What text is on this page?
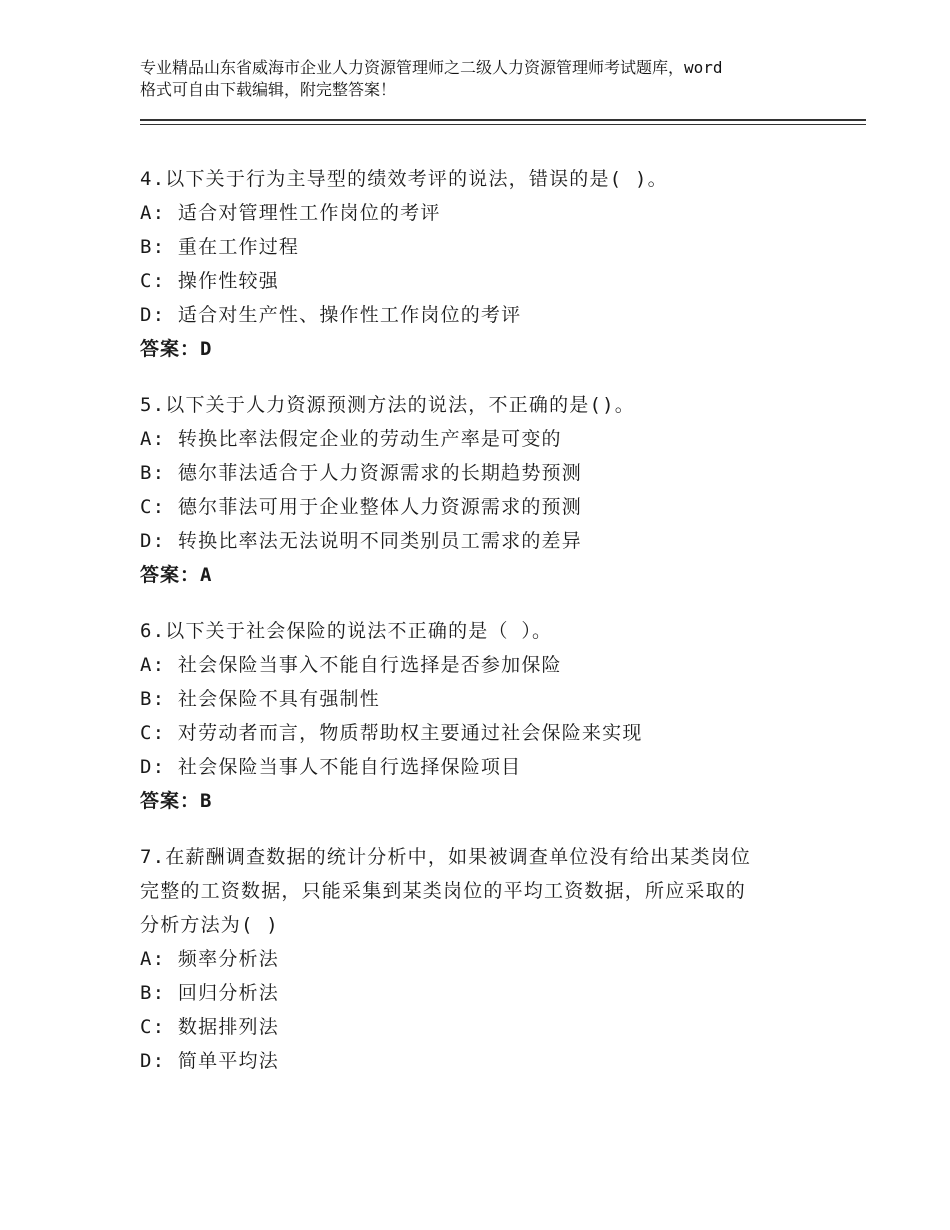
专业精品山东省威海市企业人力资源管理师之二级人力资源管理师考试题库，word
格式可自由下载编辑，附完整答案！
4.以下关于行为主导型的绩效考评的说法，错误的是( )。
A: 适合对管理性工作岗位的考评
B: 重在工作过程
C: 操作性较强
D: 适合对生产性、操作性工作岗位的考评
答案：D
5.以下关于人力资源预测方法的说法，不正确的是()。
A: 转换比率法假定企业的劳动生产率是可变的
B: 德尔菲法适合于人力资源需求的长期趋势预测
C: 德尔菲法可用于企业整体人力资源需求的预测
D: 转换比率法无法说明不同类别员工需求的差异
答案：A
6.以下关于社会保险的说法不正确的是（ ）。
A: 社会保险当事入不能自行选择是否参加保险
B: 社会保险不具有强制性
C: 对劳动者而言，物质帮助权主要通过社会保险来实现
D: 社会保险当事人不能自行选择保险项目
答案：B
7.在薪酬调查数据的统计分析中，如果被调查单位没有给出某类岗位
完整的工资数据，只能采集到某类岗位的平均工资数据，所应采取的
分析方法为( )
A: 频率分析法
B: 回归分析法
C: 数据排列法
D: 简单平均法
